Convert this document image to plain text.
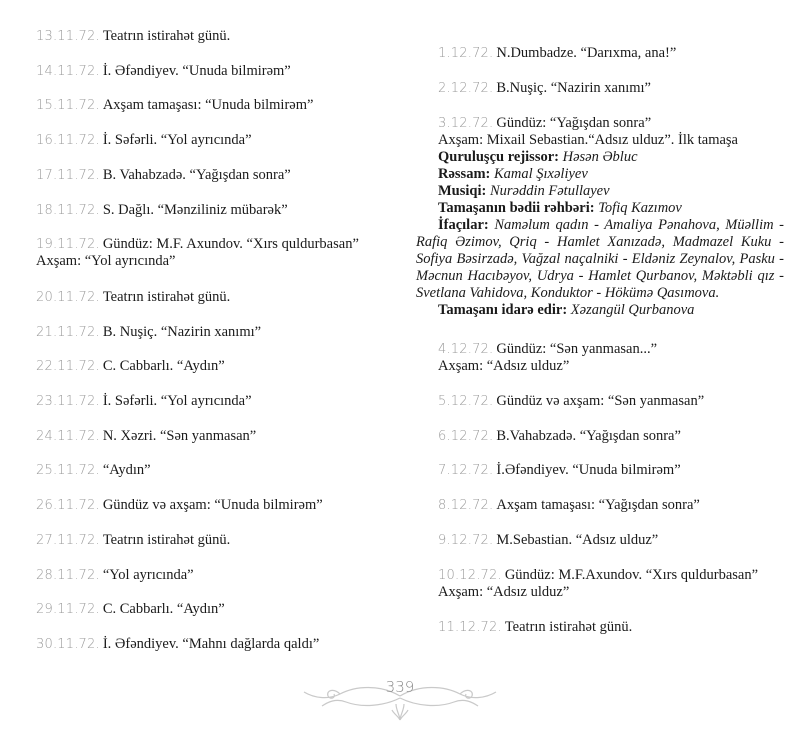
13.11.72. Teatrın istirahət günü.
14.11.72. İ. Əfəndiyev. “Unuda bilmirəm”
15.11.72. Axşam tamaşası: “Unuda bilmirəm”
16.11.72. İ. Səfərli. “Yol ayrıcında”
17.11.72. B. Vahabzadə. “Yağışdan sonra”
18.11.72. S. Dağlı. “Mənziliniz mübarək”
19.11.72. Gündüz: M.F. Axundov. “Xırs quldurbasan”
Axşam: “Yol ayrıcında”
20.11.72. Teatrın istirahət günü.
21.11.72. B. Nuşiç. “Nazirin xanımı”
22.11.72. C. Cabbarlı. “Aydın”
23.11.72. İ. Səfərli. “Yol ayrıcında”
24.11.72. N. Xəzri. “Sən yanmasan”
25.11.72. “Aydın”
26.11.72. Gündüz və axşam: “Unuda bilmirəm”
27.11.72. Teatrın istirahət günü.
28.11.72. “Yol ayrıcında”
29.11.72. C. Cabbarlı. “Aydın”
30.11.72. İ. Əfəndiyev. “Mahnı dağlarda qaldı”
1.12.72. N.Dumbadze. “Darıxma, ana!”
2.12.72. B.Nuşiç. “Nazirin xanımı”
3.12.72. Gündüz: “Yağışdan sonra”
Axşam: Mixail Sebastian.“Adsız ulduz”. İlk tamaşa
Quruluşçu rejissor: Həsən Əbluc
Rəssam: Kamal Şıxəliyev
Musiqi: Nurəddin Fətullayev
Tamaşanın bədii rəhbəri: Tofiq Kazımov
İfaçılar: Naməlum qadın - Amaliya Pənahova, Müəllim - Rafiq Əzimov, Qriq - Hamlet Xanızadə, Madmazel Kuku - Sofiya Bəsirzadə, Vağzal naçalniki - Eldəniz Zeynalov, Pasku - Məcnun Hacıbəyov, Udrya - Hamlet Qurbanov, Məktəbli qız - Svetlana Vahidova, Konduktor - Hökümə Qasımova.
Tamaşanı idarə edir: Xəzangül Qurbanova
4.12.72. Gündüz: “Sən yanmasan...”
Axşam: “Adsız ulduz”
5.12.72. Gündüz və axşam: “Sən yanmasan”
6.12.72. B.Vahabzadə. “Yağışdan sonra”
7.12.72. İ.Əfəndiyev. “Unuda bilmirəm”
8.12.72. Axşam tamaşası: “Yağışdan sonra”
9.12.72. M.Sebastian. “Adsız ulduz”
10.12.72. Gündüz: M.F.Axundov. “Xırs quldurbasan”
Axşam: “Adsız ulduz”
11.12.72. Teatrın istirahət günü.
339
